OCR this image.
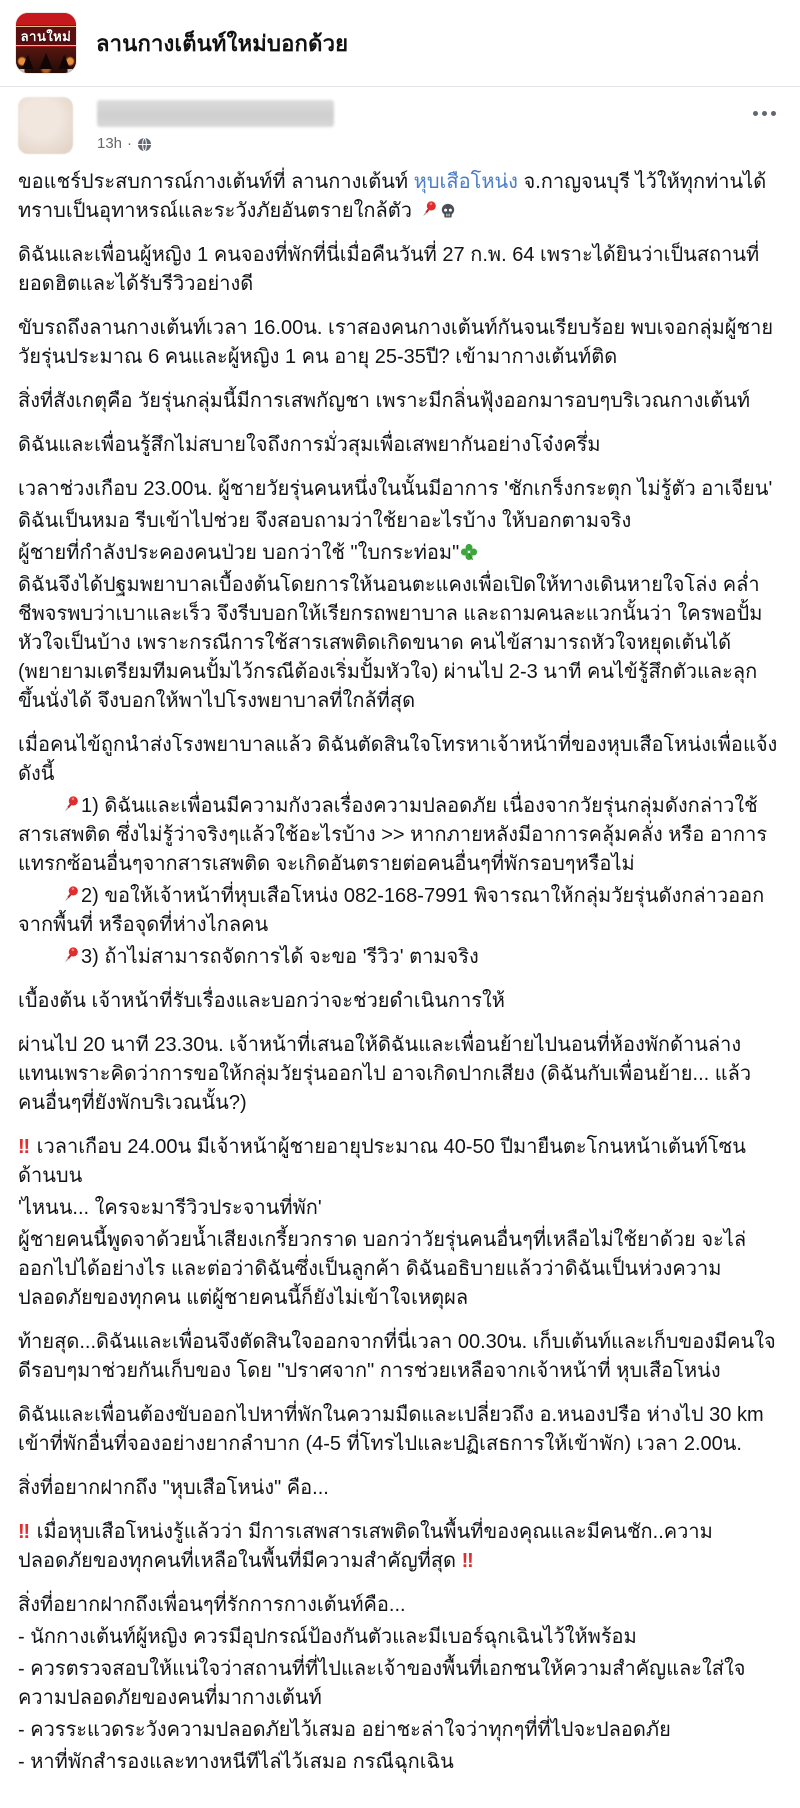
ลานใหม่ ลานกางเต็นท์ใหม่บอกด้วย
13h ·

ขอแชร์ประสบการณ์กางเต้นท์ที่ ลานกางเต้นท์ หุบเสือโหน่ง จ.กาญจนบุรี ไว้ให้ทุกท่านได้ทราบเป็นอุทาหรณ์และระวังภัยอันตรายใกล้ตัว

ดิฉันและเพื่อนผู้หญิง 1 คนจองที่พักที่นี่เมื่อคืนวันที่ 27 ก.พ. 64 เพราะได้ยินว่าเป็นสถานที่ยอดฮิตและได้รับรีวิวอย่างดี

ขับรถถึงลานกางเต้นท์เวลา 16.00น. เราสองคนกางเต้นท์กันจนเรียบร้อย พบเจอกลุ่มผู้ชายวัยรุ่นประมาณ 6 คนและผู้หญิง 1 คน อายุ 25-35ปี? เข้ามากางเต้นท์ติด

สิ่งที่สังเกตุคือ วัยรุ่นกลุ่มนี้มีการเสพกัญชา เพราะมีกลิ่นฟุ้งออกมารอบๆบริเวณกางเต้นท์

ดิฉันและเพื่อนรู้สึกไม่สบายใจถึงการมั่วสุมเพื่อเสพยากันอย่างโจ๋งครึ่ม

เวลาช่วงเกือบ 23.00น. ผู้ชายวัยรุ่นคนหนึ่งในนั้นมีอาการ 'ชักเกร็งกระตุก ไม่รู้ตัว อาเจียน'

ดิฉันเป็นหมอ รีบเข้าไปช่วย จึงสอบถามว่าใช้ยาอะไรบ้าง ให้บอกตามจริง

ผู้ชายที่กำลังประคองคนป่วย บอกว่าใช้ "ใบกระท่อม"

ดิฉันจึงได้ปฐมพยาบาลเบื้องต้นโดยการให้นอนตะแคงเพื่อเปิดให้ทางเดินหายใจโล่ง คล่ำชีพจรพบว่าเบาและเร็ว จึงรีบบอกให้เรียกรถพยาบาล และถามคนละแวกนั้นว่า ใครพอปั้มหัวใจเป็นบ้าง เพราะกรณีการใช้สารเสพติดเกิดขนาด คนไข้สามารถหัวใจหยุดเต้นได้ (พยายามเตรียมทีมคนปั้มไว้กรณีต้องเริ่มปั้มหัวใจ) ผ่านไป 2-3 นาที คนไข้รู้สึกตัวและลุกขึ้นนั่งได้ จึงบอกให้พาไปโรงพยาบาลที่ใกล้ที่สุด

เมื่อคนไข้ถูกนำส่งโรงพยาบาลแล้ว ดิฉันตัดสินใจโทรหาเจ้าหน้าที่ของหุบเสือโหน่งเพื่อแจ้งดังนี้

1) ดิฉันและเพื่อนมีความกังวลเรื่องความปลอดภัย เนื่องจากวัยรุ่นกลุ่มดังกล่าวใช้สารเสพติด ซึ่งไม่รู้ว่าจริงๆแล้วใช้อะไรบ้าง >> หากภายหลังมีอาการคลุ้มคลั่ง หรือ อาการแทรกซ้อนอื่นๆจากสารเสพติด จะเกิดอันตรายต่อคนอื่นๆที่พักรอบๆหรือไม่

2) ขอให้เจ้าหน้าที่หุบเสือโหน่ง 082-168-7991 พิจารณาให้กลุ่มวัยรุ่นดังกล่าวออกจากพื้นที่ หรือจุดที่ห่างไกลคน

3) ถ้าไม่สามารถจัดการได้ จะขอ 'รีวิว' ตามจริง

เบื้องต้น เจ้าหน้าที่รับเรื่องและบอกว่าจะช่วยดำเนินการให้

ผ่านไป 20 นาที 23.30น. เจ้าหน้าที่เสนอให้ดิฉันและเพื่อนย้ายไปนอนที่ห้องพักด้านล่างแทนเพราะคิดว่าการขอให้กลุ่มวัยรุ่นออกไป อาจเกิดปากเสียง (ดิฉันกับเพื่อนย้าย... แล้วคนอื่นๆที่ยังพักบริเวณนั้น?)

‼ เวลาเกือบ 24.00น มีเจ้าหน้าผู้ชายอายุประมาณ 40-50 ปีมายืนตะโกนหน้าเต้นท์โซนด้านบน

'ไหนน... ใครจะมารีวิวประจานที่พัก'

ผู้ชายคนนี้พูดจาด้วยน้ำเสียงเกรี้ยวกราด บอกว่าวัยรุ่นคนอื่นๆที่เหลือไม่ใช้ยาด้วย จะไล่ออกไปได้อย่างไร และต่อว่าดิฉันซึ่งเป็นลูกค้า ดิฉันอธิบายแล้วว่าดิฉันเป็นห่วงความปลอดภัยของทุกคน แต่ผู้ชายคนนี้ก็ยังไม่เข้าใจเหตุผล

ท้ายสุด...ดิฉันและเพื่อนจึงตัดสินใจออกจากที่นี่เวลา 00.30น. เก็บเต้นท์และเก็บของมีคนใจดีรอบๆมาช่วยกันเก็บของ โดย "ปราศจาก" การช่วยเหลือจากเจ้าหน้าที่ หุบเสือโหน่ง

ดิฉันและเพื่อนต้องขับออกไปหาที่พักในความมืดและเปลี่ยวถึง อ.หนองปรือ ห่างไป 30 km เข้าที่พักอื่นที่จองอย่างยากลำบาก (4-5 ที่โทรไปและปฏิเสธการให้เข้าพัก) เวลา 2.00น.

สิ่งที่อยากฝากถึง "หุบเสือโหน่ง" คือ...

‼ เมื่อหุบเสือโหน่งรู้แล้วว่า มีการเสพสารเสพติดในพื้นที่ของคุณและมีคนชัก..ความปลอดภัยของทุกคนที่เหลือในพื้นที่มีความสำคัญที่สุด ‼

สิ่งที่อยากฝากถึงเพื่อนๆที่รักการกางเต้นท์คือ...

- นักกางเต้นท์ผู้หญิง ควรมีอุปกรณ์ป้องกันตัวและมีเบอร์ฉุกเฉินไว้ให้พร้อม

- ควรตรวจสอบให้แน่ใจว่าสถานที่ที่ไปและเจ้าของพื้นที่เอกชนให้ความสำคัญและใส่ใจความปลอดภัยของคนที่มากางเต้นท์

- ควรระแวดระวังความปลอดภัยไว้เสมอ อย่าชะล่าใจว่าทุกๆที่ที่ไปจะปลอดภัย

- หาที่พักสำรองและทางหนีทีไล่ไว้เสมอ กรณีฉุกเฉิน
